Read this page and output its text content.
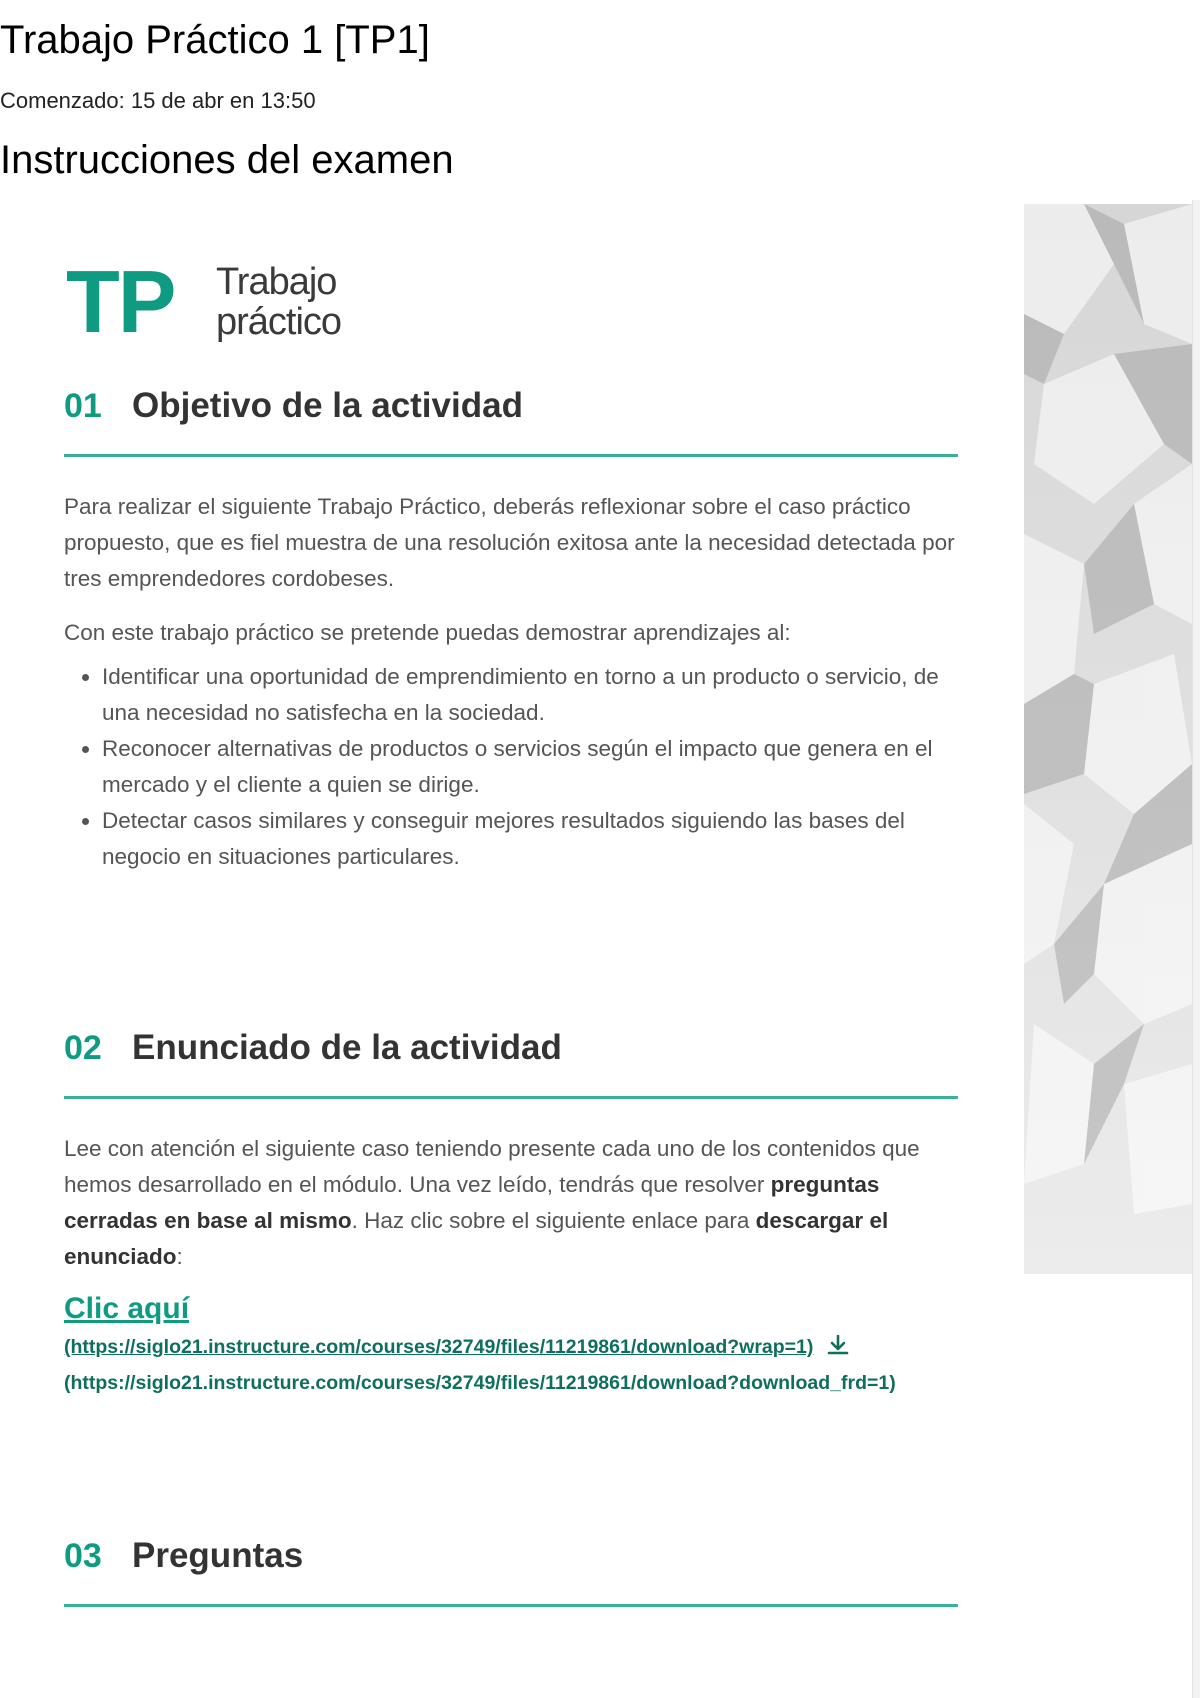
Trabajo Práctico 1 [TP1]
Comenzado: 15 de abr en 13:50
Instrucciones del examen
TP Trabajo
práctico
01 Objetivo de la actividad

Para realizar el siguiente Trabajo Práctico, deberás reflexionar sobre el caso práctico propuesto, que es fiel muestra de una resolución exitosa ante la necesidad detectada por tres emprendedores cordobeses.

Con este trabajo práctico se pretende puedas demostrar aprendizajes al:

• Identificar una oportunidad de emprendimiento en torno a un producto o servicio, de una necesidad no satisfecha en la sociedad.
• Reconocer alternativas de productos o servicios según el impacto que genera en el mercado y el cliente a quien se dirige.
• Detectar casos similares y conseguir mejores resultados siguiendo las bases del negocio en situaciones particulares.
02 Enunciado de la actividad

Lee con atención el siguiente caso teniendo presente cada uno de los contenidos que hemos desarrollado en el módulo. Una vez leído, tendrás que resolver preguntas cerradas en base al mismo. Haz clic sobre el siguiente enlace para descargar el enunciado:

Clic aquí
(https://siglo21.instructure.com/courses/32749/files/11219861/download?wrap=1)
(https://siglo21.instructure.com/courses/32749/files/11219861/download?download_frd=1)
03 Preguntas
